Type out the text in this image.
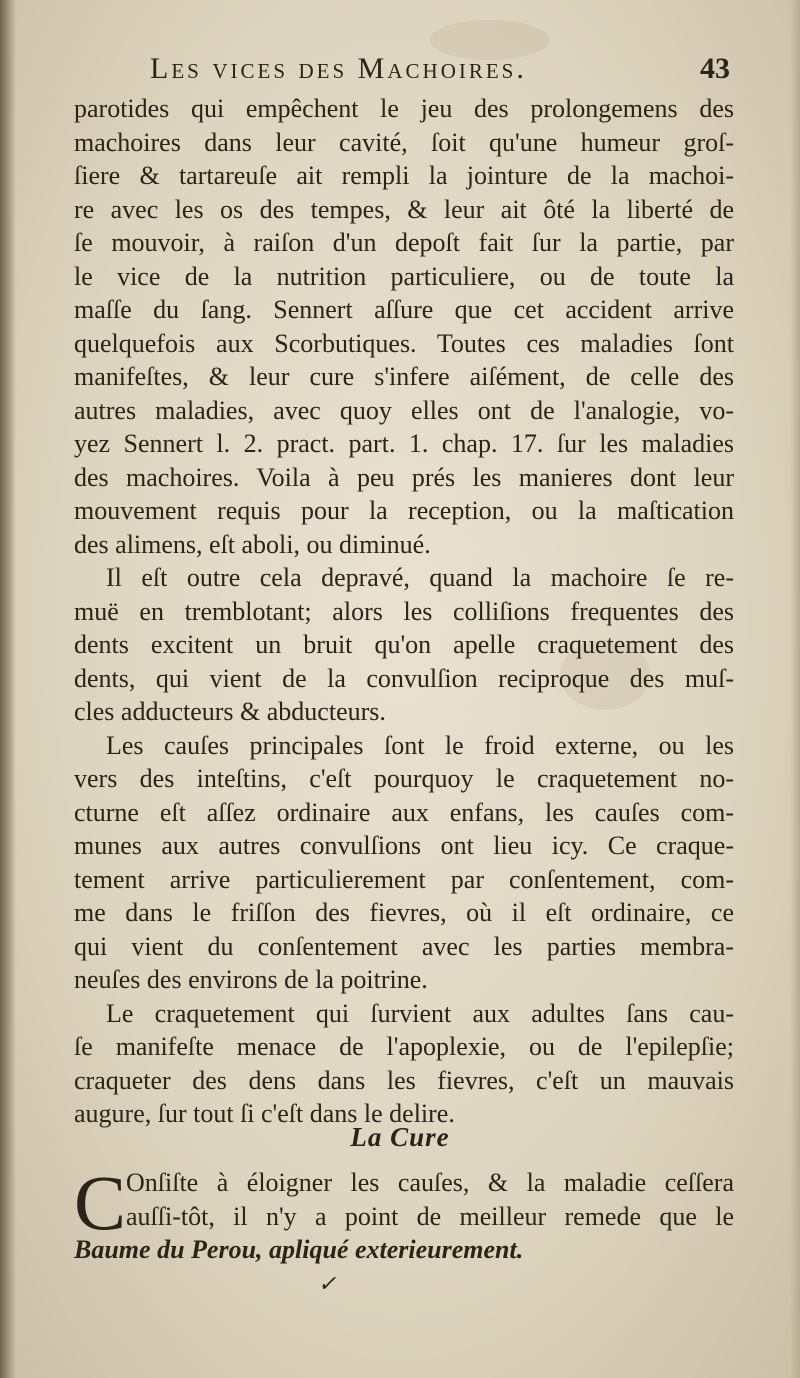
Les vices des Machoires.	43
parotides qui empêchent le jeu des prolongemens des
machoires dans leur cavité, ſoit qu'une humeur groſ-
ſiere & tartareuſe ait rempli la jointure de la machoi-
re avec les os des tempes, & leur ait ôté la liberté de
ſe mouvoir, à raiſon d'un depoſt fait ſur la partie, par
le vice de la nutrition particuliere, ou de toute la
maſſe du ſang. Sennert aſſure que cet accident arrive
quelquefois aux Scorbutiques. Toutes ces maladies ſont
manifeſtes, & leur cure s'infere aiſément, de celle des
autres maladies, avec quoy elles ont de l'analogie, vo-
yez Sennert l. 2. pract. part. 1. chap. 17. ſur les maladies
des machoires. Voila à peu prés les manieres dont leur
mouvement requis pour la reception, ou la maſtication
des alimens, eſt aboli, ou diminué.
Il eſt outre cela depravé, quand la machoire ſe re-
muë en tremblotant; alors les colliſions frequentes des
dents excitent un bruit qu'on apelle craquetement des
dents, qui vient de la convulſion reciproque des muſ-
cles adducteurs & abducteurs.
Les cauſes principales ſont le froid externe, ou les
vers des inteſtins, c'eſt pourquoy le craquetement no-
cturne eſt aſſez ordinaire aux enfans, les cauſes com-
munes aux autres convulſions ont lieu icy. Ce craque-
tement arrive particulierement par conſentement, com-
me dans le friſſon des fievres, où il eſt ordinaire, ce
qui vient du conſentement avec les parties membra-
neuſes des environs de la poitrine.
Le craquetement qui ſurvient aux adultes ſans cau-
ſe manifeſte menace de l'apoplexie, ou de l'epilepſie;
craqueter des dens dans les fievres, c'eſt un mauvais
augure, ſur tout ſi c'eſt dans le delire.
La Cure
C Onſiſte à éloigner les cauſes, & la maladie ceſſera
auſſi-tôt, il n'y a point de meilleur remede que le
Baume du Perou, apliqué exterieurement.
✓
